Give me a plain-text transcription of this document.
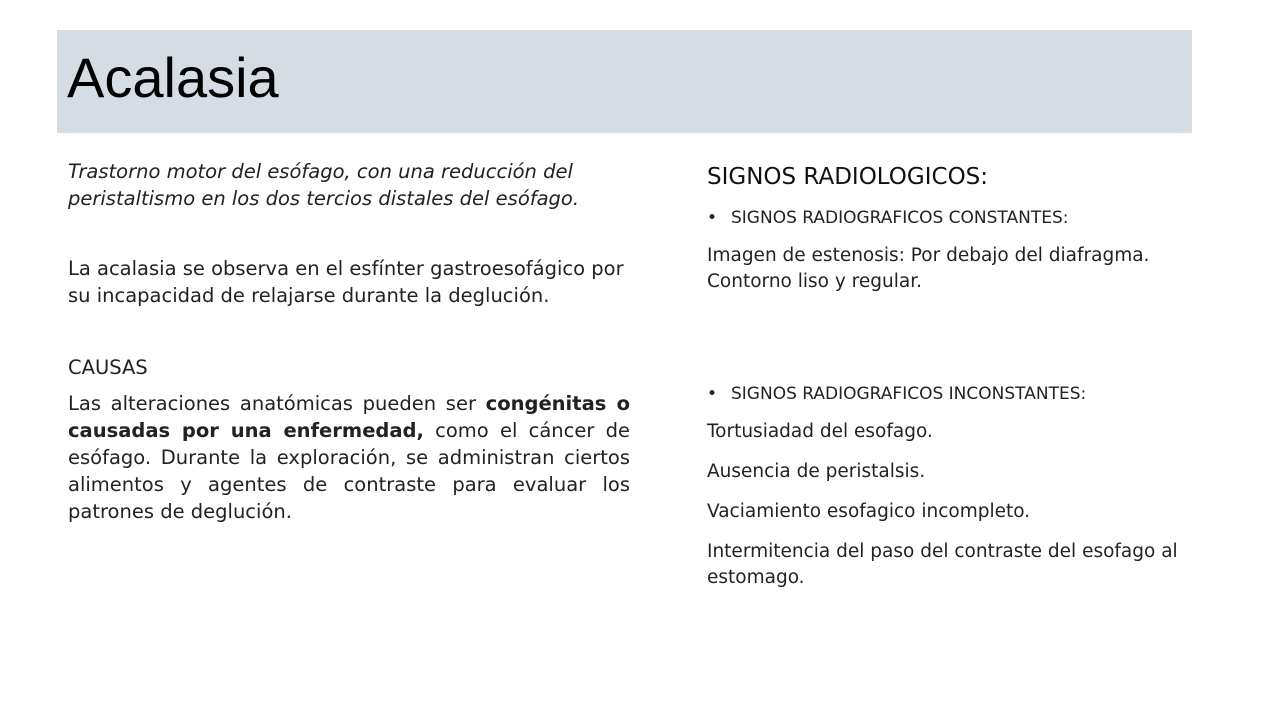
Acalasia

Trastorno motor del esófago, con una reducción del peristaltismo en los dos tercios distales del esófago.

La acalasia se observa en el esfínter gastroesofágico por su incapacidad de relajarse durante la deglución.

CAUSAS

Las alteraciones anatómicas pueden ser congénitas o causadas por una enfermedad, como el cáncer de esófago. Durante la exploración, se administran ciertos alimentos y agentes de contraste para evaluar los patrones de deglución.

SIGNOS RADIOLOGICOS:

• SIGNOS RADIOGRAFICOS CONSTANTES:

Imagen de estenosis: Por debajo del diafragma. Contorno liso y regular.

• SIGNOS RADIOGRAFICOS INCONSTANTES:

Tortusiadad del esofago.

Ausencia de peristalsis.

Vaciamiento esofagico incompleto.

Intermitencia del paso del contraste del esofago al estomago.
